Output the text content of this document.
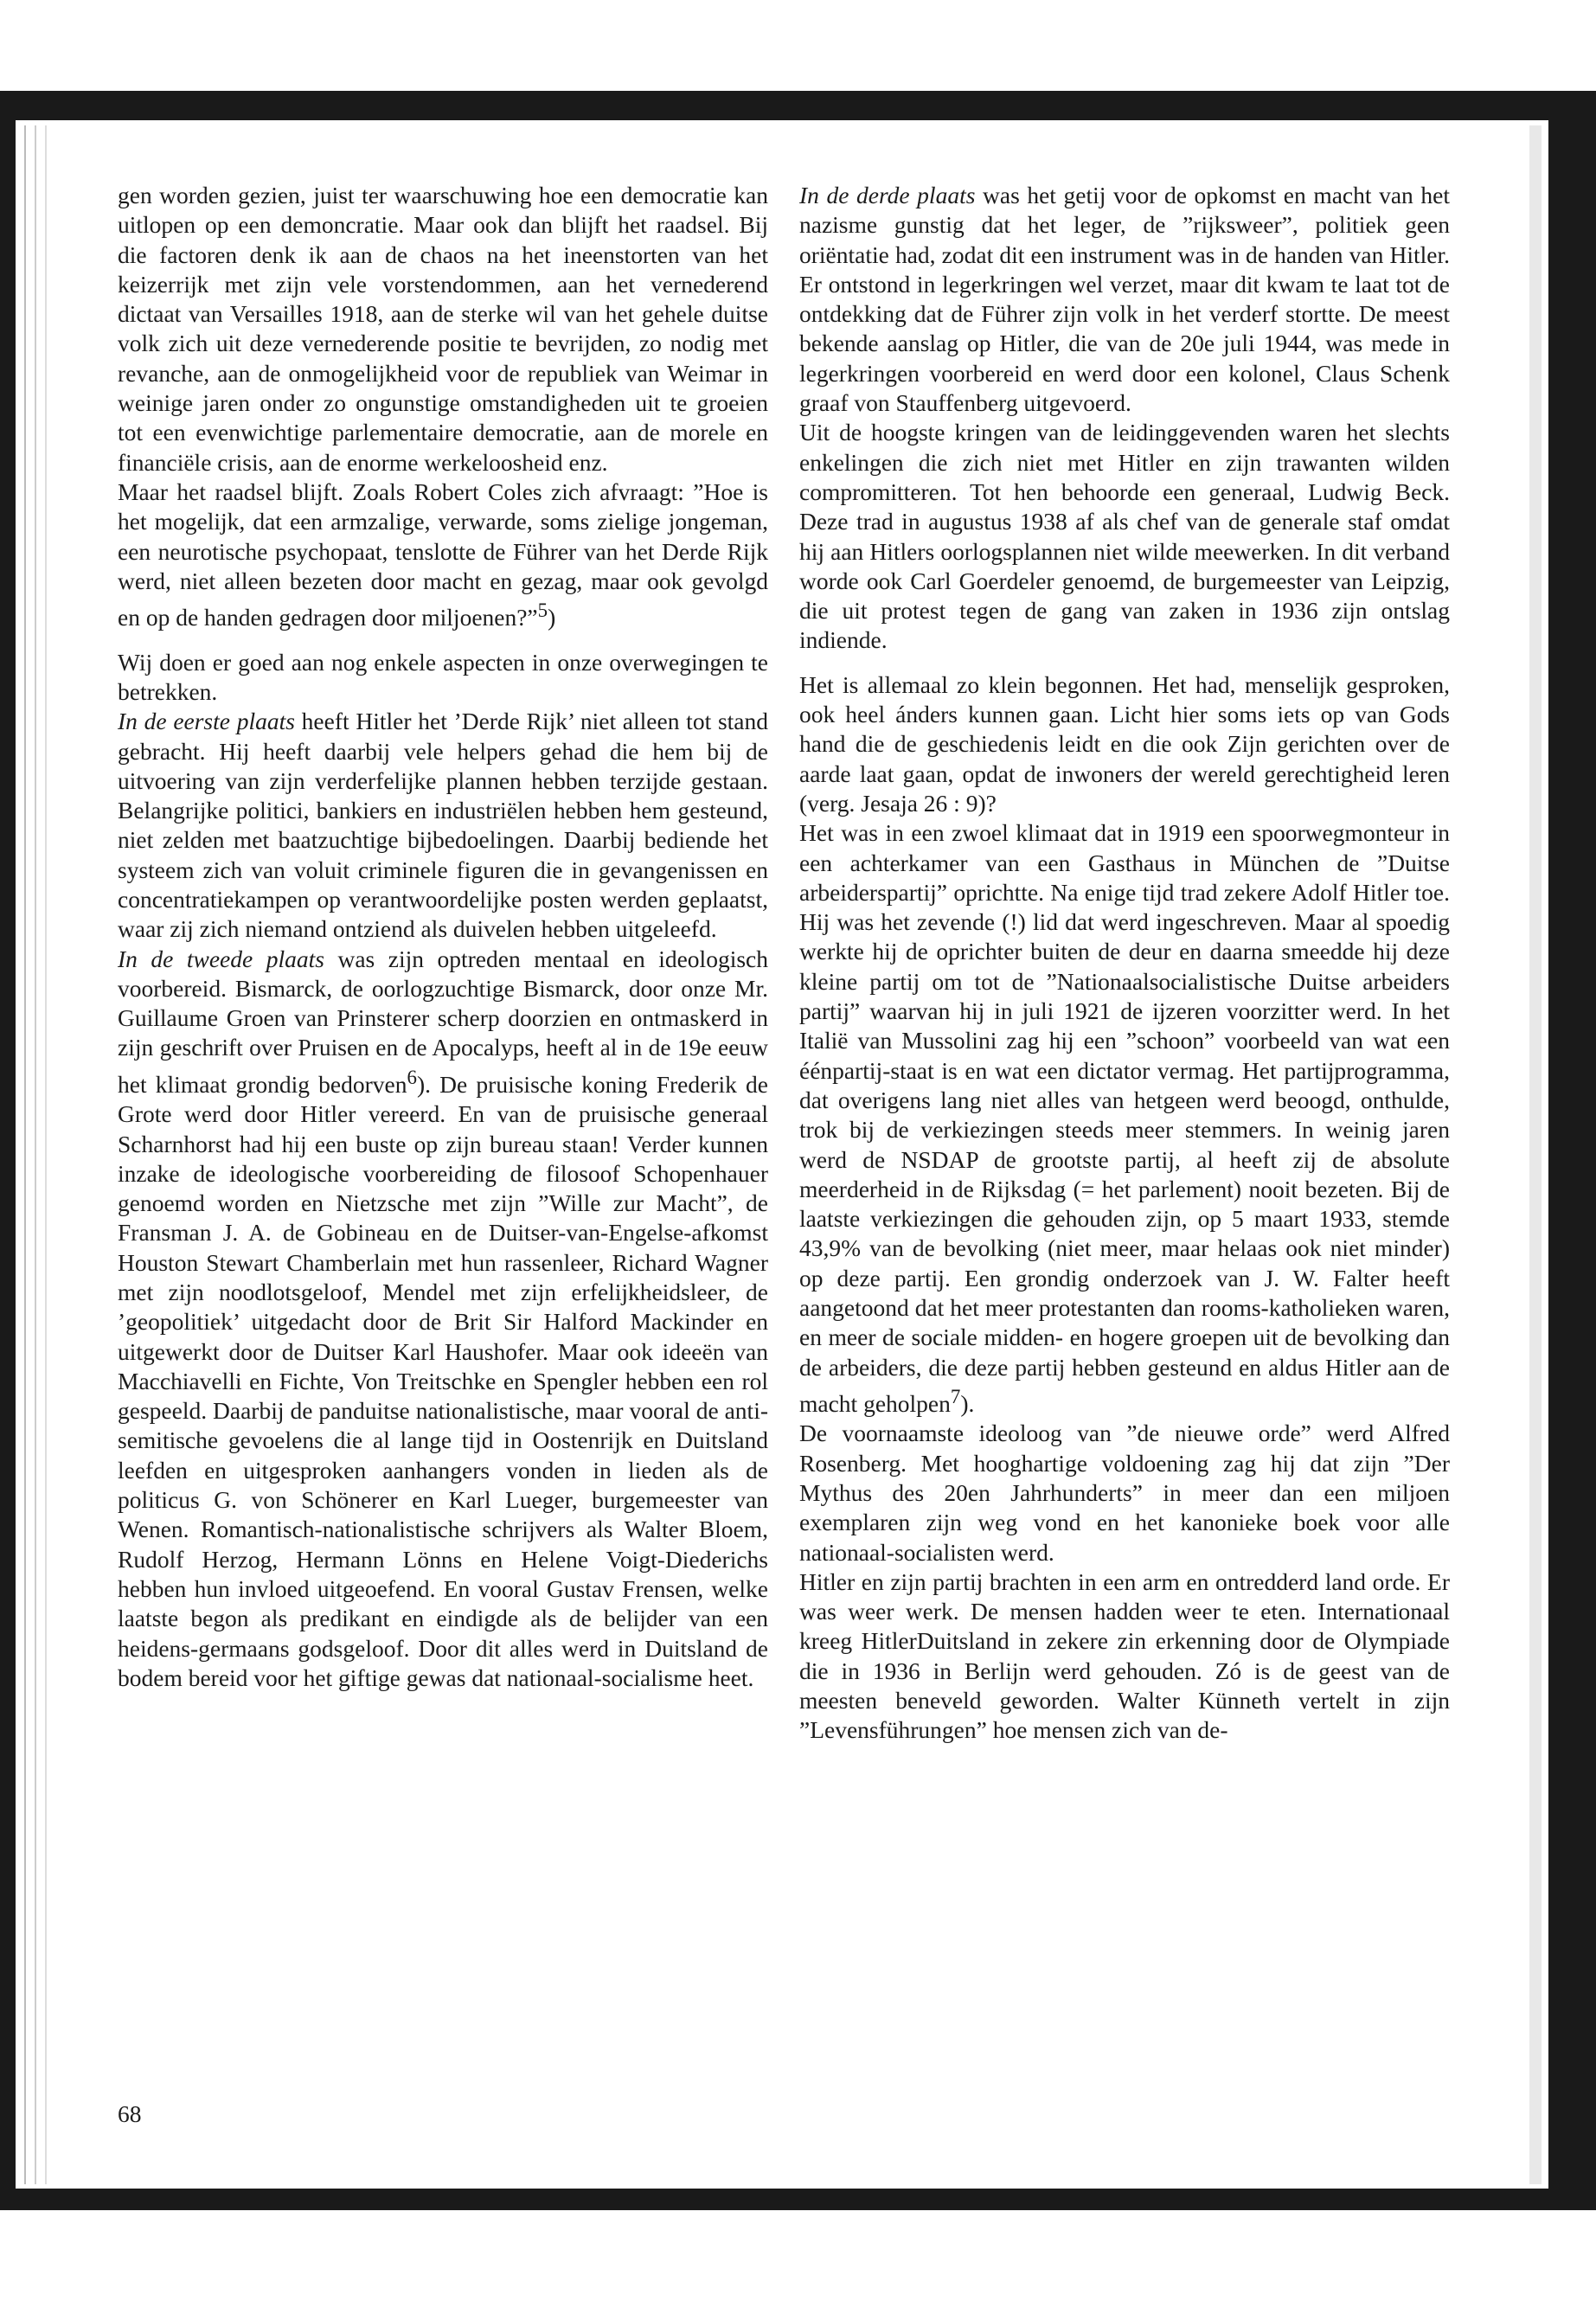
gen worden gezien, juist ter waarschuwing hoe een democratie kan uitlopen op een demoncratie. Maar ook dan blijft het raadsel. Bij die factoren denk ik aan de chaos na het ineenstorten van het keizerrijk met zijn vele vorstendommen, aan het vernederend dictaat van Versailles 1918, aan de sterke wil van het gehele duitse volk zich uit deze vernederende positie te bevrijden, zo nodig met revanche, aan de onmogelijkheid voor de republiek van Weimar in weinige jaren onder zo ongunstige omstandigheden uit te groeien tot een evenwichtige parlementaire democratie, aan de morele en financiële crisis, aan de enorme werkeloosheid enz.

Maar het raadsel blijft. Zoals Robert Coles zich afvraagt: ”Hoe is het mogelijk, dat een armzalige, verwarde, soms zielige jongeman, een neurotische psychopaat, tenslotte de Führer van het Derde Rijk werd, niet alleen bezeten door macht en gezag, maar ook gevolgd en op de handen gedragen door miljoenen?”$^5$)

Wij doen er goed aan nog enkele aspecten in onze overwegingen te betrekken.

In de eerste plaats heeft Hitler het ’Derde Rijk’ niet alleen tot stand gebracht. Hij heeft daarbij vele helpers gehad die hem bij de uitvoering van zijn verderfelijke plannen hebben terzijde gestaan. Belangrijke politici, bankiers en industriëlen hebben hem gesteund, niet zelden met baatzuchtige bijbedoelingen. Daarbij bediende het systeem zich van voluit criminele figuren die in gevangenissen en concentratiekampen op verantwoordelijke posten werden geplaatst, waar zij zich niemand ontziend als duivelen hebben uitgeleefd.

In de tweede plaats was zijn optreden mentaal en ideologisch voorbereid. Bismarck, de oorlogzuchtige Bismarck, door onze Mr. Guillaume Groen van Prinsterer scherp doorzien en ontmaskerd in zijn geschrift over Pruisen en de Apocalyps, heeft al in de 19e eeuw het klimaat grondig bedorven$^6$). De pruisische koning Frederik de Grote werd door Hitler vereerd. En van de pruisische generaal Scharnhorst had hij een buste op zijn bureau staan! Verder kunnen inzake de ideologische voorbereiding de filosoof Schopenhauer genoemd worden en Nietzsche met zijn ”Wille zur Macht”, de Fransman J. A. de Gobineau en de Duitser-van-Engelse-afkomst Houston Stewart Chamberlain met hun rassenleer, Richard Wagner met zijn noodlotsgeloof, Mendel met zijn erfelijkheidsleer, de ’geopolitiek’ uitgedacht door de Brit Sir Halford Mackinder en uitgewerkt door de Duitser Karl Haushofer. Maar ook ideeën van Macchiavelli en Fichte, Von Treitschke en Spengler hebben een rol gespeeld. Daarbij de panduitse nationalistische, maar vooral de anti-semitische gevoelens die al lange tijd in Oostenrijk en Duitsland leefden en uitgesproken aanhangers vonden in lieden als de politicus G. von Schönerer en Karl Lueger, burgemeester van Wenen. Romantisch-nationalistische schrijvers als Walter Bloem, Rudolf Herzog, Hermann Lönns en Helene Voigt-Diederichs hebben hun invloed uitgeoefend. En vooral Gustav Frensen, welke laatste begon als predikant en eindigde als de belijder van een heidens-germaans godsgeloof. Door dit alles werd in Duitsland de bodem bereid voor het giftige gewas dat nationaal-socialisme heet.

In de derde plaats was het getij voor de opkomst en macht van het nazisme gunstig dat het leger, de ”rijksweer”, politiek geen oriëntatie had, zodat dit een instrument was in de handen van Hitler. Er ontstond in legerkringen wel verzet, maar dit kwam te laat tot de ontdekking dat de Führer zijn volk in het verderf stortte. De meest bekende aanslag op Hitler, die van de 20e juli 1944, was mede in legerkringen voorbereid en werd door een kolonel, Claus Schenk graaf von Stauffenberg uitgevoerd.

Uit de hoogste kringen van de leidinggevenden waren het slechts enkelingen die zich niet met Hitler en zijn trawanten wilden compromitteren. Tot hen behoorde een generaal, Ludwig Beck. Deze trad in augustus 1938 af als chef van de generale staf omdat hij aan Hitlers oorlogsplannen niet wilde meewerken. In dit verband worde ook Carl Goerdeler genoemd, de burgemeester van Leipzig, die uit protest tegen de gang van zaken in 1936 zijn ontslag indiende.

Het is allemaal zo klein begonnen. Het had, menselijk gesproken, ook heel ánders kunnen gaan. Licht hier soms iets op van Gods hand die de geschiedenis leidt en die ook Zijn gerichten over de aarde laat gaan, opdat de inwoners der wereld gerechtigheid leren (verg. Jesaja 26 : 9)?

Het was in een zwoel klimaat dat in 1919 een spoorwegmonteur in een achterkamer van een Gasthaus in München de ”Duitse arbeiderspartij” oprichtte. Na enige tijd trad zekere Adolf Hitler toe. Hij was het zevende (!) lid dat werd ingeschreven. Maar al spoedig werkte hij de oprichter buiten de deur en daarna smeedde hij deze kleine partij om tot de ”Nationaalsocialistische Duitse arbeiders partij” waarvan hij in juli 1921 de ijzeren voorzitter werd. In het Italië van Mussolini zag hij een ”schoon” voorbeeld van wat een éénpartij-staat is en wat een dictator vermag. Het partijprogramma, dat overigens lang niet alles van hetgeen werd beoogd, onthulde, trok bij de verkiezingen steeds meer stemmers. In weinig jaren werd de NSDAP de grootste partij, al heeft zij de absolute meerderheid in de Rijksdag (= het parlement) nooit bezeten. Bij de laatste verkiezingen die gehouden zijn, op 5 maart 1933, stemde 43,9% van de bevolking (niet meer, maar helaas ook niet minder) op deze partij. Een grondig onderzoek van J. W. Falter heeft aangetoond dat het meer protestanten dan rooms-katholieken waren, en meer de sociale midden- en hogere groepen uit de bevolking dan de arbeiders, die deze partij hebben gesteund en aldus Hitler aan de macht geholpen$^7$).

De voornaamste ideoloog van ”de nieuwe orde” werd Alfred Rosenberg. Met hooghartige voldoening zag hij dat zijn ”Der Mythus des 20en Jahrhunderts” in meer dan een miljoen exemplaren zijn weg vond en het kanonieke boek voor alle nationaal-socialisten werd.

Hitler en zijn partij brachten in een arm en ontredderd land orde. Er was weer werk. De mensen hadden weer te eten. Internationaal kreeg HitlerDuitsland in zekere zin erkenning door de Olympiade die in 1936 in Berlijn werd gehouden. Zó is de geest van de meesten beneveld geworden. Walter Künneth vertelt in zijn ”Levensführungen” hoe mensen zich van de-

68
